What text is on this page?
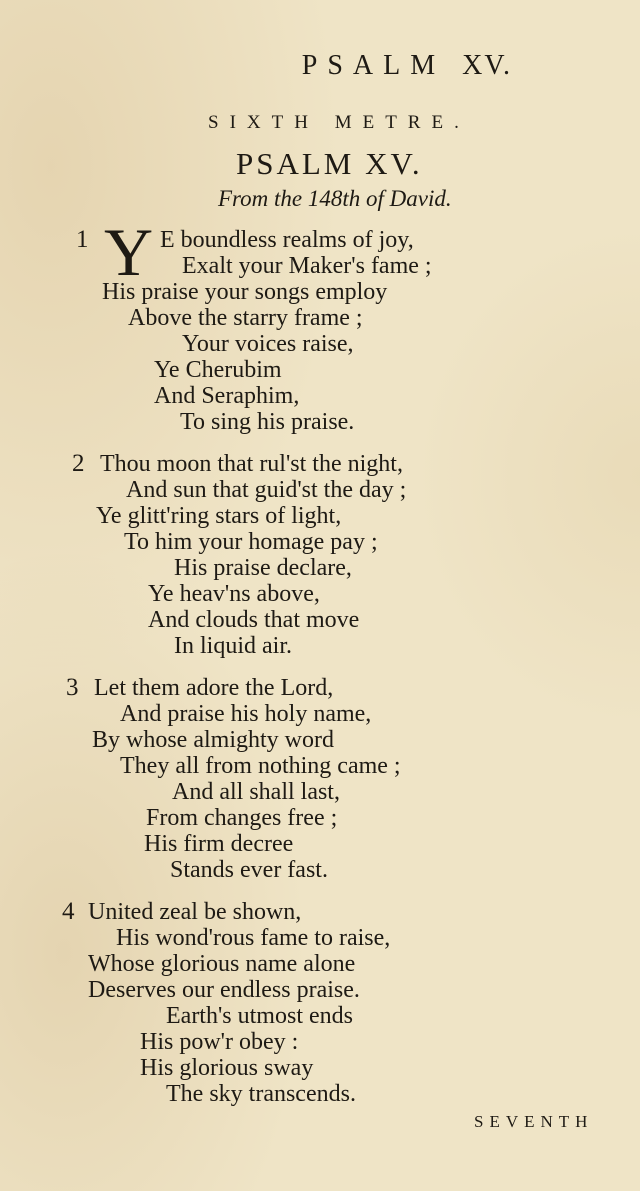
PSALM XV.
SIXTH METRE.
PSALM XV.
From the 148th of David.
1 Y E boundless realms of joy,
Exalt your Maker's fame ;
His praise your songs employ
Above the starry frame ;
Your voices raise,
Ye Cherubim
And Seraphim,
To sing his praise.
2 Thou moon that rul'st the night,
And sun that guid'st the day ;
Ye glitt'ring stars of light,
To him your homage pay ;
His praise declare,
Ye heav'ns above,
And clouds that move
In liquid air.
3 Let them adore the Lord,
And praise his holy name,
By whose almighty word
They all from nothing came ;
And all shall last,
From changes free ;
His firm decree
Stands ever fast.
4 United zeal be shown,
His wond'rous fame to raise,
Whose glorious name alone
Deserves our endless praise.
Earth's utmost ends
His pow'r obey :
His glorious sway
The sky transcends.
SEVENTH
